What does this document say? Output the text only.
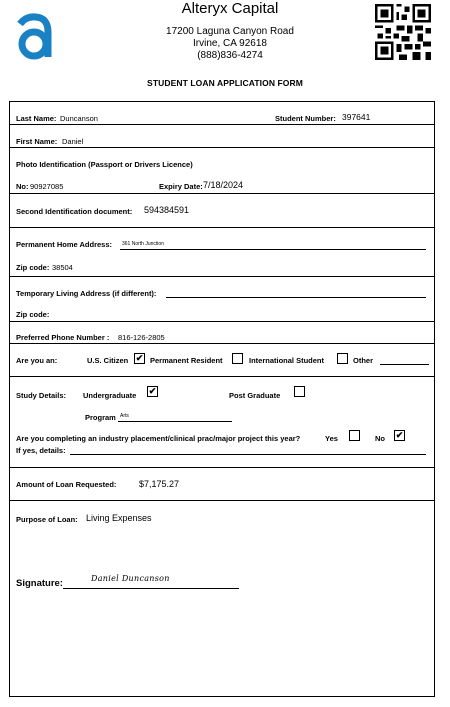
Alteryx Capital
17200 Laguna Canyon Road
Irvine, CA 92618
(888)836-4274
STUDENT LOAN APPLICATION FORM
Last Name: Duncanson	Student Number: 397641
First Name: Daniel
Photo Identification (Passport or Drivers Licence)
No: 90927085	Expiry Date: 7/18/2024
Second Identification document: 594384591
Permanent Home Address: 361 North Junction
Zip code: 38504
Temporary Living Address (if different):
Zip code:
Preferred Phone Number : 816-126-2805
Are you an:	U.S. Citizen ✔ Permanent Resident	International Student	Other
Study Details: Undergraduate ✔	Post Graduate
Program Arts
Are you completing an industry placement/clinical prac/major project this year?	Yes	No ✔
If yes, details:
Amount of Loan Requested:	$7,175.27
Purpose of Loan: Living Expenses
Signature:	Daniel Duncanson
